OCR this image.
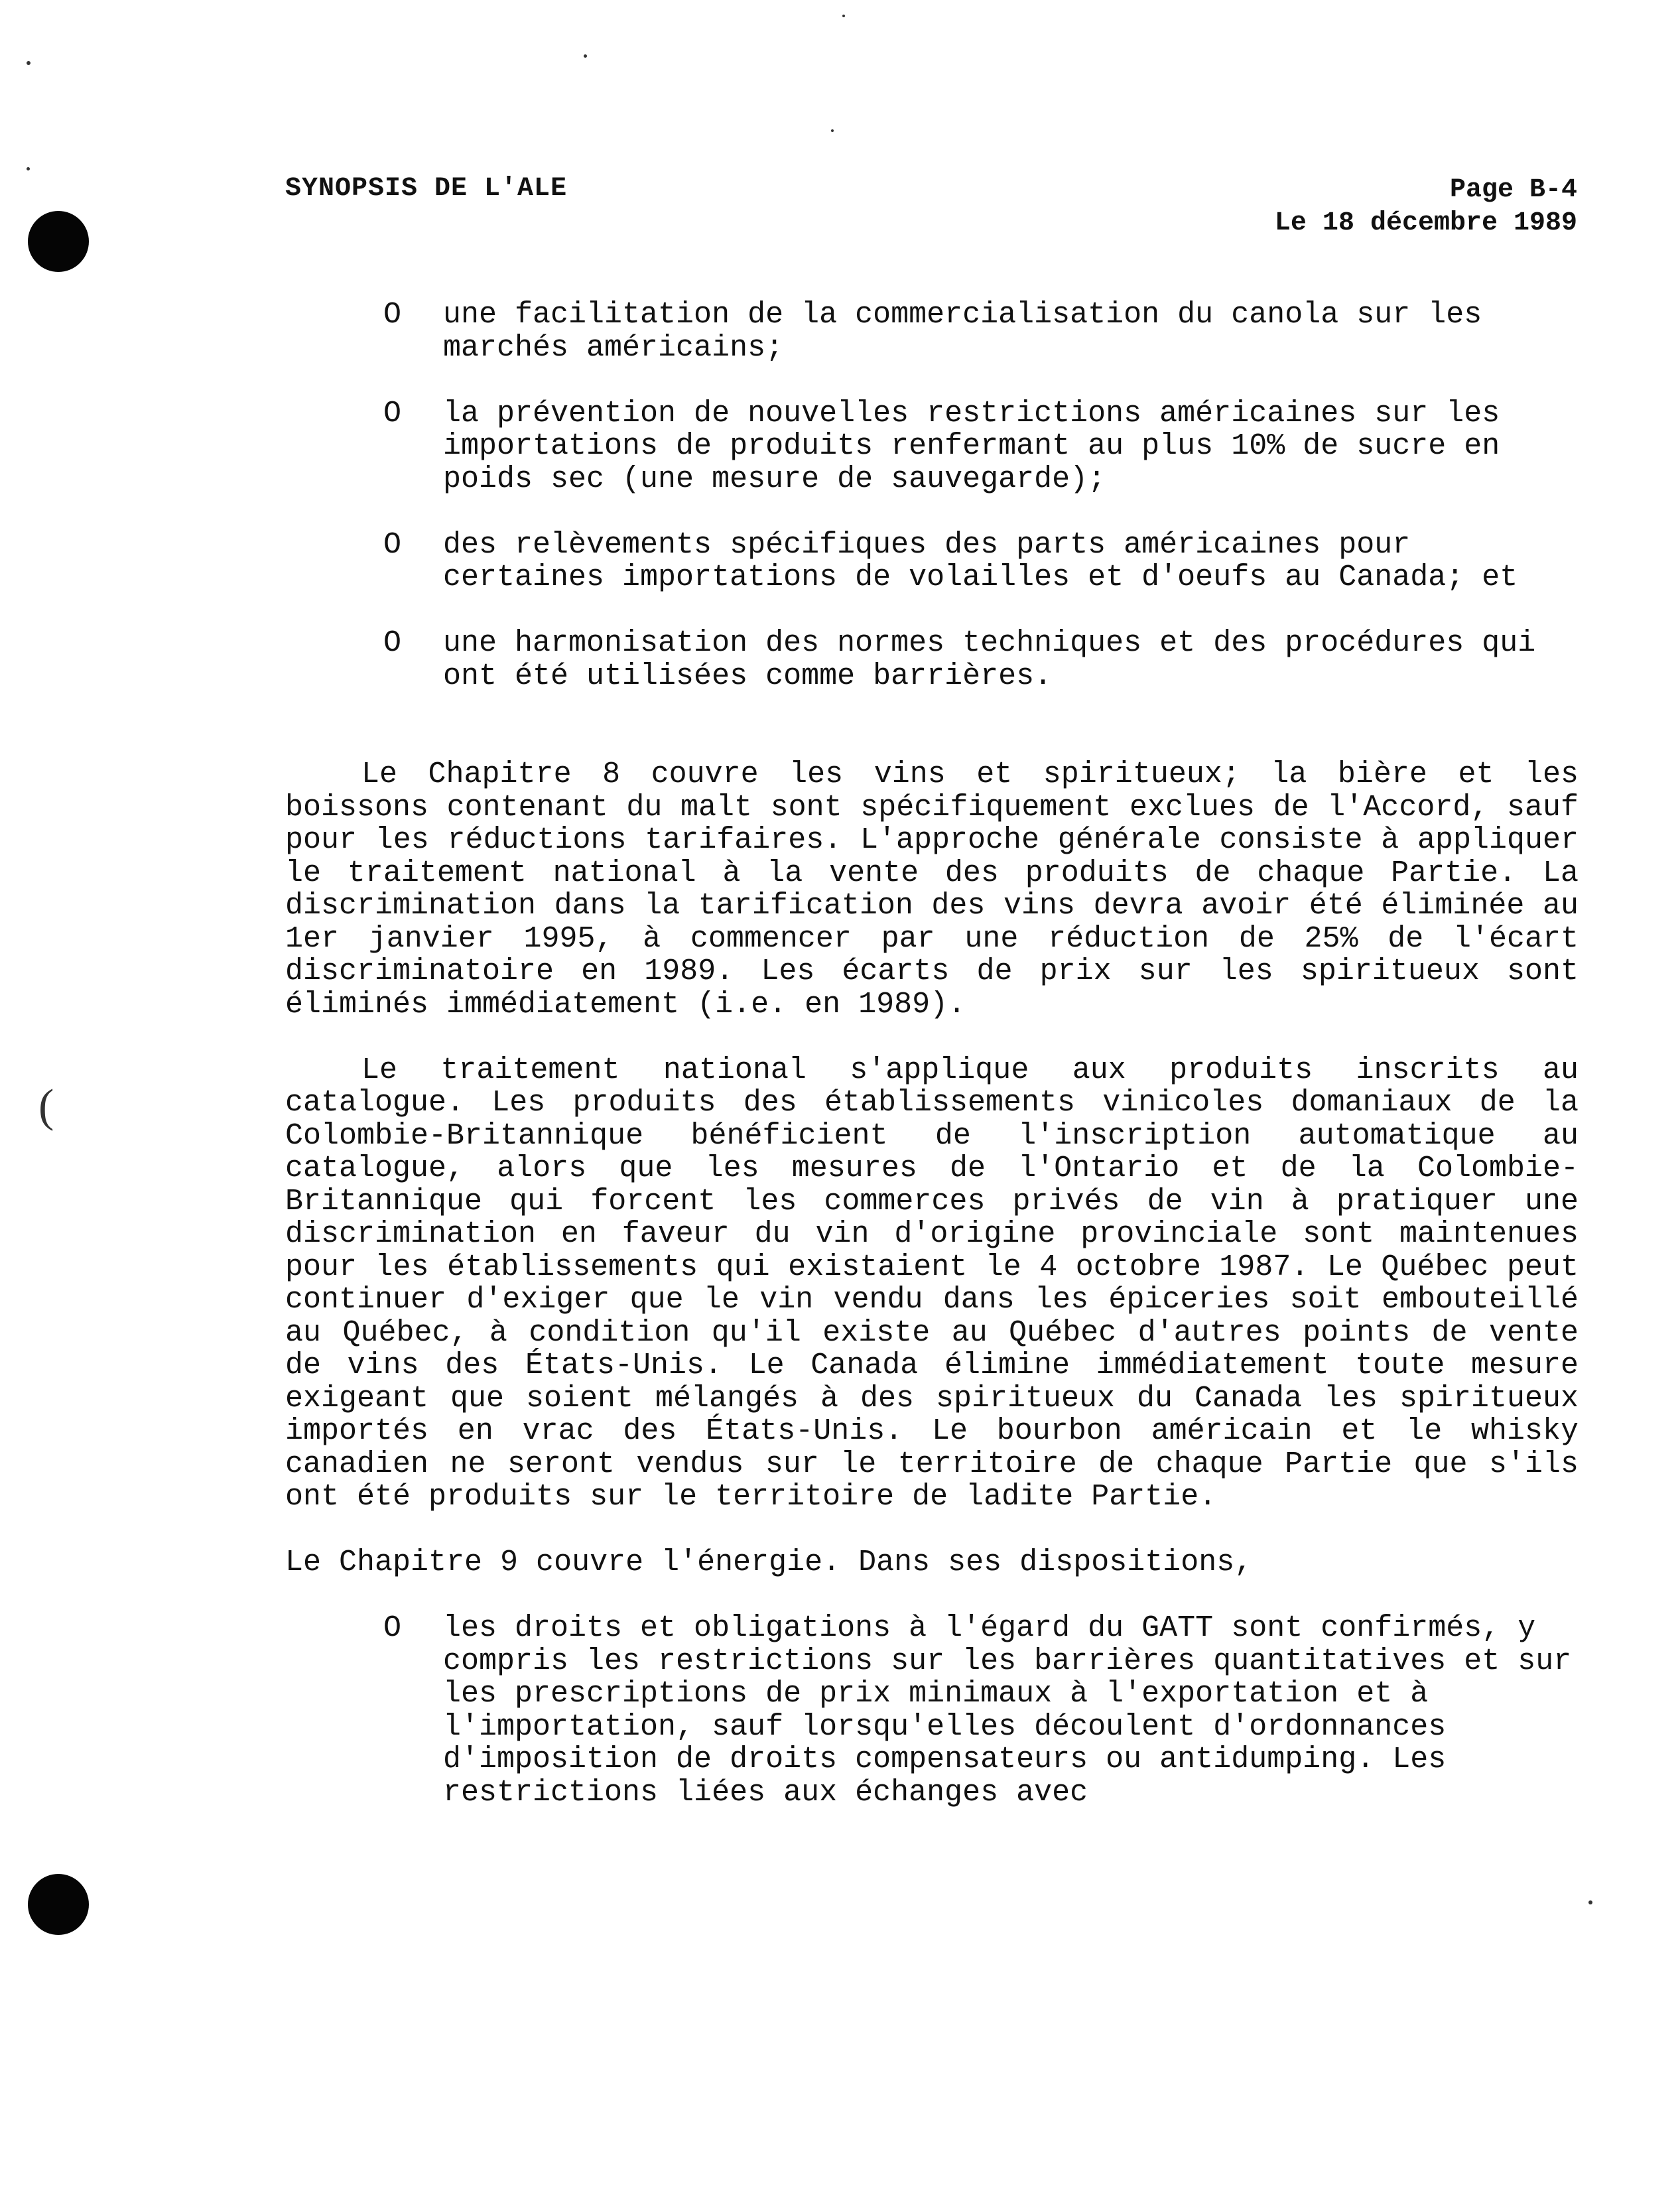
(
SYNOPSIS DE L'ALE	Page B-4
Le 18 décembre 1989
O une facilitation de la commercialisation du canola sur les marchés américains;
O la prévention de nouvelles restrictions américaines sur les importations de produits renfermant au plus 10% de sucre en poids sec (une mesure de sauvegarde);
O des relèvements spécifiques des parts américaines pour certaines importations de volailles et d'oeufs au Canada; et
O une harmonisation des normes techniques et des procédures qui ont été utilisées comme barrières.

Le Chapitre 8 couvre les vins et spiritueux; la bière et les boissons contenant du malt sont spécifiquement exclues de l'Accord, sauf pour les réductions tarifaires. L'approche générale consiste à appliquer le traitement national à la vente des produits de chaque Partie. La discrimination dans la tarification des vins devra avoir été éliminée au 1er janvier 1995, à commencer par une réduction de 25% de l'écart discriminatoire en 1989. Les écarts de prix sur les spiritueux sont éliminés immédiatement (i.e. en 1989).

Le traitement national s'applique aux produits inscrits au catalogue. Les produits des établissements vinicoles domaniaux de la Colombie-Britannique bénéficient de l'inscription automatique au catalogue, alors que les mesures de l'Ontario et de la Colombie-Britannique qui forcent les commerces privés de vin à pratiquer une discrimination en faveur du vin d'origine provinciale sont maintenues pour les établissements qui existaient le 4 octobre 1987. Le Québec peut continuer d'exiger que le vin vendu dans les épiceries soit embouteillé au Québec, à condition qu'il existe au Québec d'autres points de vente de vins des États-Unis. Le Canada élimine immédiatement toute mesure exigeant que soient mélangés à des spiritueux du Canada les spiritueux importés en vrac des États-Unis. Le bourbon américain et le whisky canadien ne seront vendus sur le territoire de chaque Partie que s'ils ont été produits sur le territoire de ladite Partie.

Le Chapitre 9 couvre l'énergie. Dans ses dispositions,

O les droits et obligations à l'égard du GATT sont confirmés, y compris les restrictions sur les barrières quantitatives et sur les prescriptions de prix minimaux à l'exportation et à l'importation, sauf lorsqu'elles découlent d'ordonnances d'imposition de droits compensateurs ou antidumping. Les restrictions liées aux échanges avec
